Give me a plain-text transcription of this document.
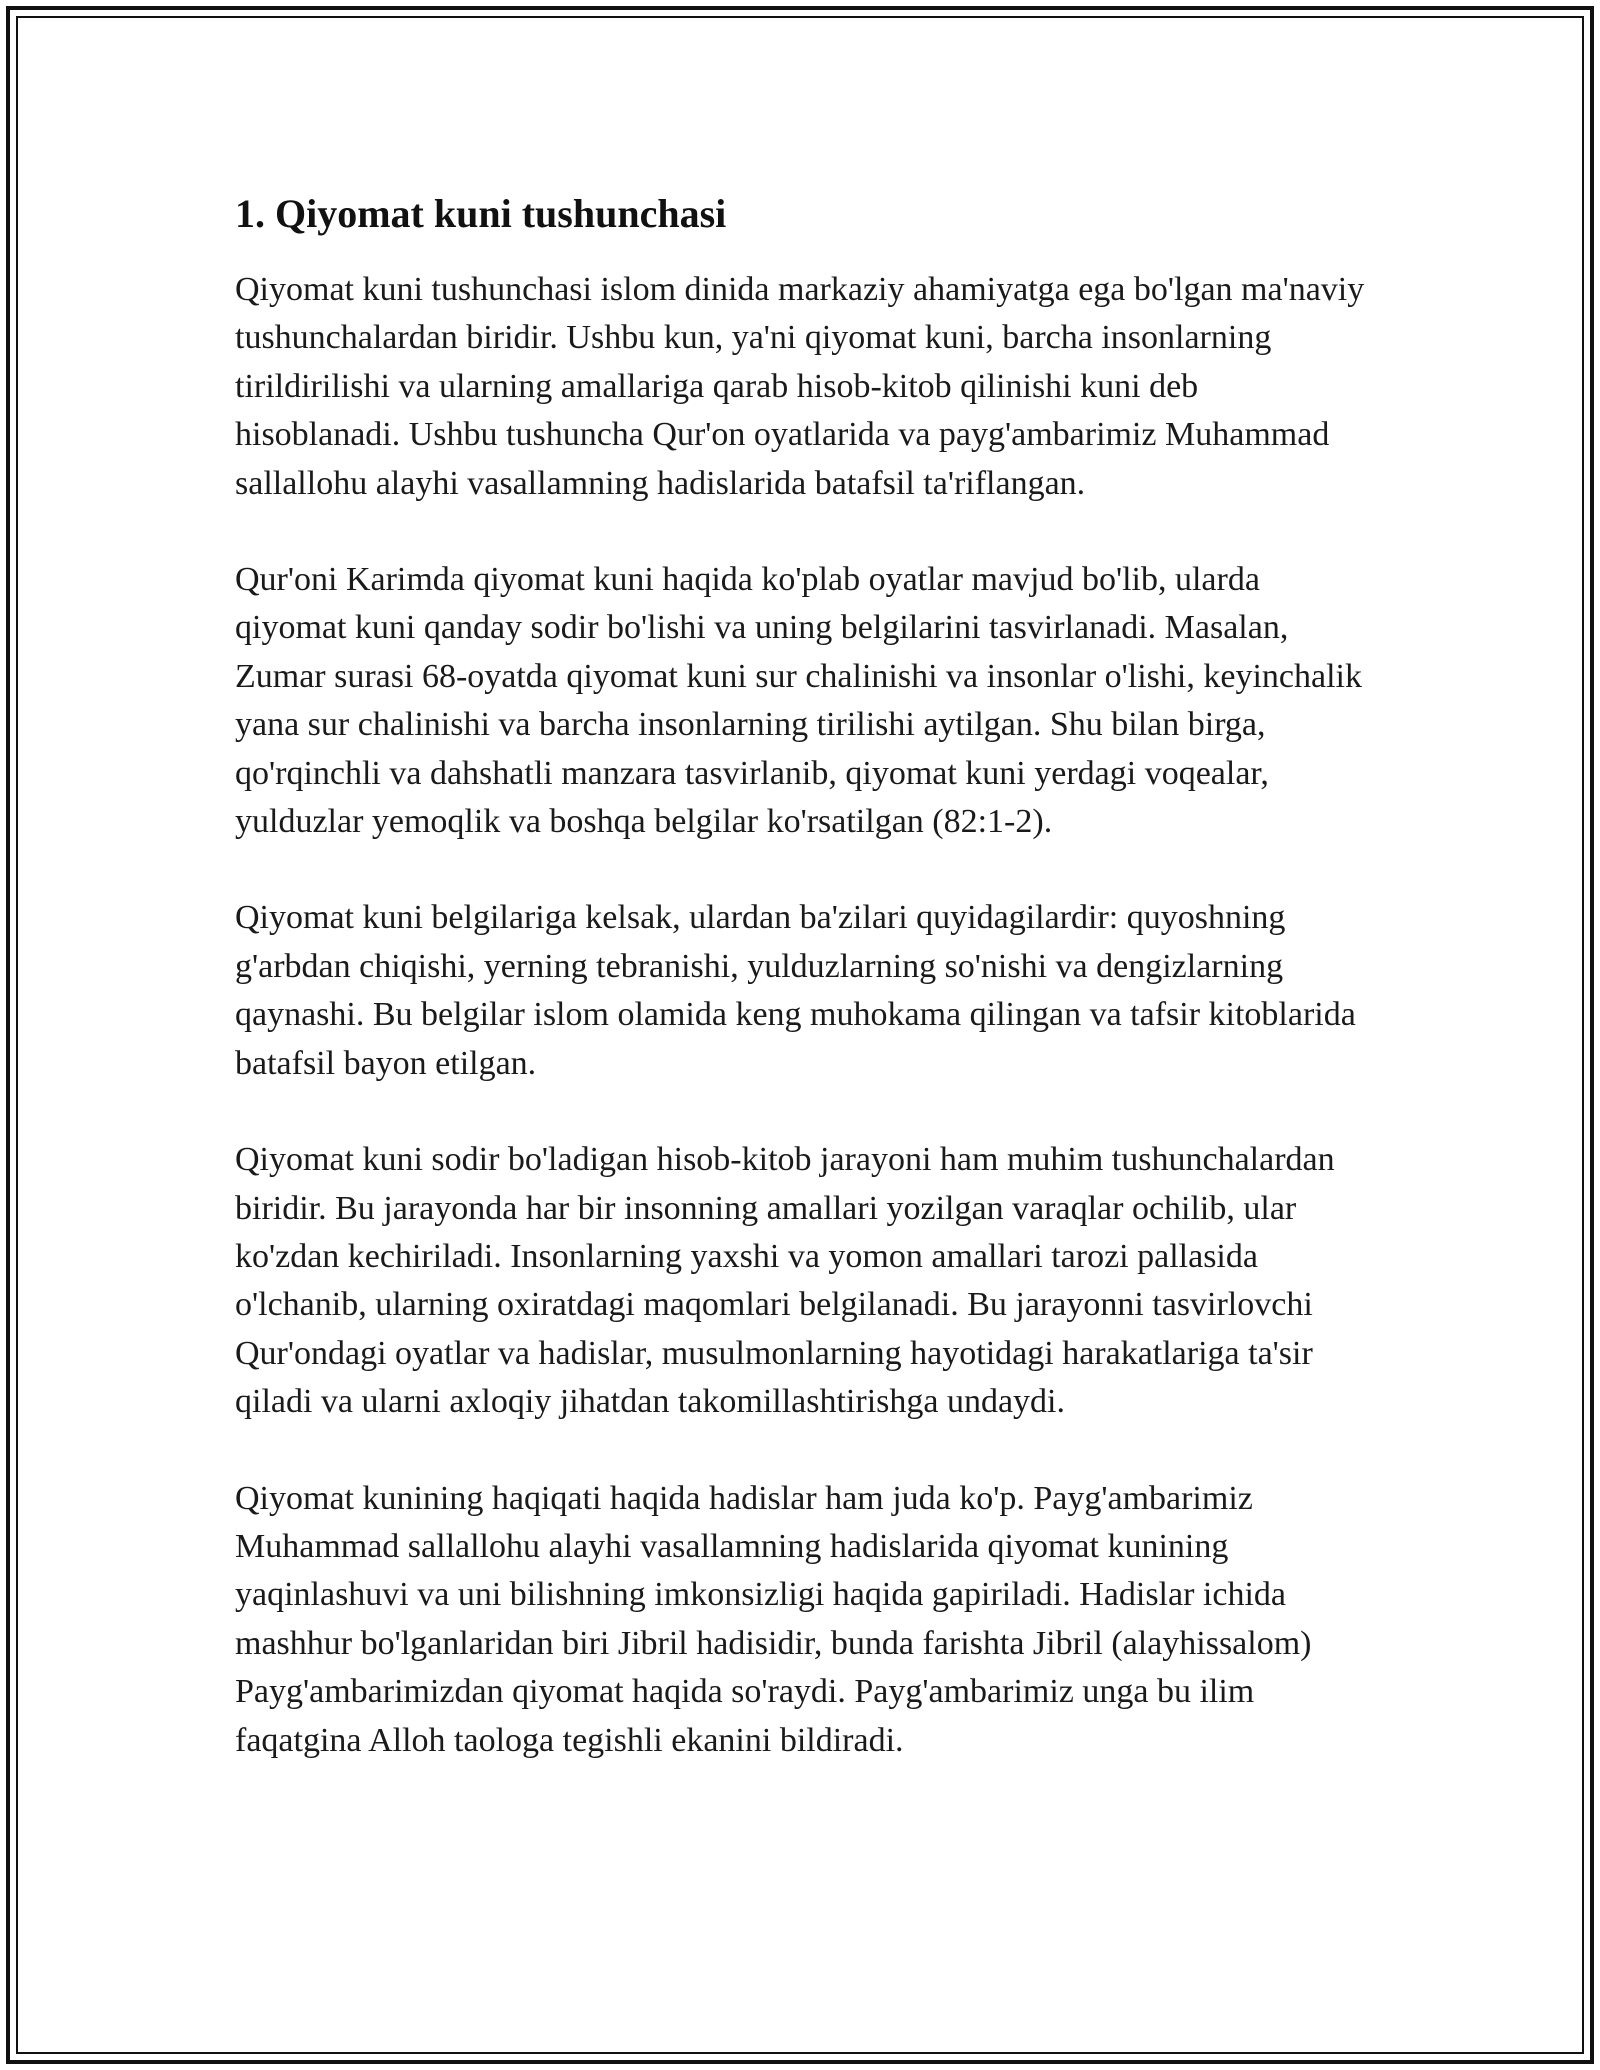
1. Qiyomat kuni tushunchasi

Qiyomat kuni tushunchasi islom dinida markaziy ahamiyatga ega bo'lgan ma'naviy tushunchalardan biridir. Ushbu kun, ya'ni qiyomat kuni, barcha insonlarning tirildirilishi va ularning amallariga qarab hisob-kitob qilinishi kuni deb hisoblanadi. Ushbu tushuncha Qur'on oyatlarida va payg'ambarimiz Muhammad sallallohu alayhi vasallamning hadislarida batafsil ta'riflangan.

Qur'oni Karimda qiyomat kuni haqida ko'plab oyatlar mavjud bo'lib, ularda qiyomat kuni qanday sodir bo'lishi va uning belgilarini tasvirlanadi. Masalan, Zumar surasi 68-oyatda qiyomat kuni sur chalinishi va insonlar o'lishi, keyinchalik yana sur chalinishi va barcha insonlarning tirilishi aytilgan. Shu bilan birga, qo'rqinchli va dahshatli manzara tasvirlanib, qiyomat kuni yerdagi voqealar, yulduzlar yemoqlik va boshqa belgilar ko'rsatilgan (82:1-2).

Qiyomat kuni belgilariga kelsak, ulardan ba'zilari quyidagilardir: quyoshning g'arbdan chiqishi, yerning tebranishi, yulduzlarning so'nishi va dengizlarning qaynashi. Bu belgilar islom olamida keng muhokama qilingan va tafsir kitoblarida batafsil bayon etilgan.

Qiyomat kuni sodir bo'ladigan hisob-kitob jarayoni ham muhim tushunchalardan biridir. Bu jarayonda har bir insonning amallari yozilgan varaqlar ochilib, ular ko'zdan kechiriladi. Insonlarning yaxshi va yomon amallari tarozi pallasida o'lchanib, ularning oxiratdagi maqomlari belgilanadi. Bu jarayonni tasvirlovchi Qur'ondagi oyatlar va hadislar, musulmonlarning hayotidagi harakatlariga ta'sir qiladi va ularni axloqiy jihatdan takomillashtirishga undaydi.

Qiyomat kunining haqiqati haqida hadislar ham juda ko'p. Payg'ambarimiz Muhammad sallallohu alayhi vasallamning hadislarida qiyomat kunining yaqinlashuvi va uni bilishning imkonsizligi haqida gapiriladi. Hadislar ichida mashhur bo'lganlaridan biri Jibril hadisidir, bunda farishta Jibril (alayhissalom) Payg'ambarimizdan qiyomat haqida so'raydi. Payg'ambarimiz unga bu ilim faqatgina Alloh taologa tegishli ekanini bildiradi.
